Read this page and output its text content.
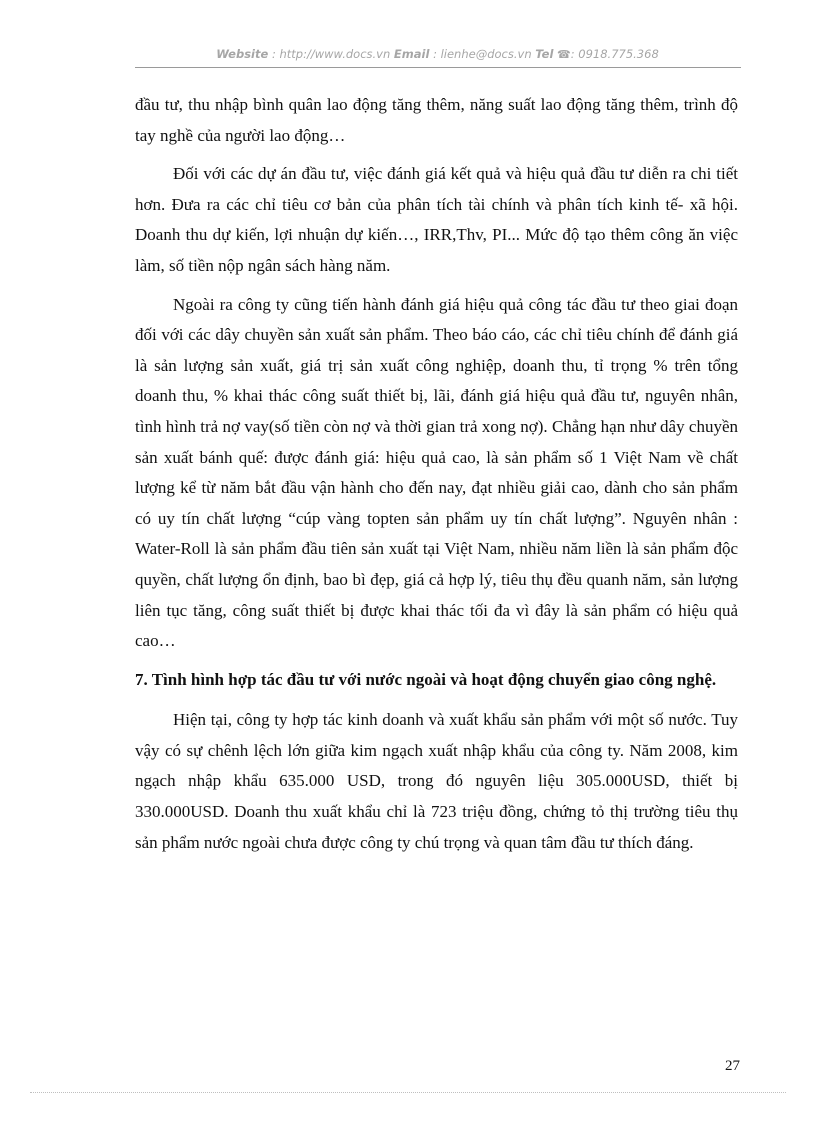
Website : http://www.docs.vn Email : lienhe@docs.vn Tel ☎: 0918.775.368

đầu tư, thu nhập bình quân lao động tăng thêm, năng suất lao động tăng thêm, trình độ tay nghề của người lao động…

Đối với các dự án đầu tư, việc đánh giá kết quả và hiệu quả đầu tư diễn ra chi tiết hơn. Đưa ra các chỉ tiêu cơ bản của phân tích tài chính và phân tích kinh tế- xã hội. Doanh thu dự kiến, lợi nhuận dự kiến…, IRR,Thv, PI... Mức độ tạo thêm công ăn việc làm, số tiền nộp ngân sách hàng năm.

Ngoài ra công ty cũng tiến hành đánh giá hiệu quả công tác đầu tư theo giai đoạn đối với các dây chuyền sản xuất sản phẩm. Theo báo cáo, các chỉ tiêu chính để đánh giá là sản lượng sản xuất, giá trị sản xuất công nghiệp, doanh thu, tỉ trọng % trên tổng doanh thu, % khai thác công suất thiết bị, lãi, đánh giá hiệu quả đầu tư, nguyên nhân, tình hình trả nợ vay(số tiền còn nợ và thời gian trả xong nợ). Chẳng hạn như dây chuyền sản xuất bánh quế: được đánh giá: hiệu quả cao, là sản phẩm số 1 Việt Nam về chất lượng kể từ năm bắt đầu vận hành cho đến nay, đạt nhiều giải cao, dành cho sản phẩm có uy tín chất lượng “cúp vàng topten sản phẩm uy tín chất lượng”. Nguyên nhân : Water-Roll là sản phẩm đầu tiên sản xuất tại Việt Nam, nhiều năm liền là sản phẩm độc quyền, chất lượng ổn định, bao bì đẹp, giá cả hợp lý, tiêu thụ đều quanh năm, sản lượng liên tục tăng, công suất thiết bị được khai thác tối đa vì đây là sản phẩm có hiệu quả cao…

7. Tình hình hợp tác đầu tư với nước ngoài và hoạt động chuyển giao công nghệ.

Hiện tại, công ty hợp tác kinh doanh và xuất khẩu sản phẩm với một số nước. Tuy vậy có sự chênh lệch lớn giữa kim ngạch xuất nhập khẩu của công ty. Năm 2008, kim ngạch nhập khẩu 635.000 USD, trong đó nguyên liệu 305.000USD, thiết bị 330.000USD. Doanh thu xuất khẩu chỉ là 723 triệu đồng, chứng tỏ thị trường tiêu thụ sản phẩm nước ngoài chưa được công ty chú trọng và quan tâm đầu tư thích đáng.

27
